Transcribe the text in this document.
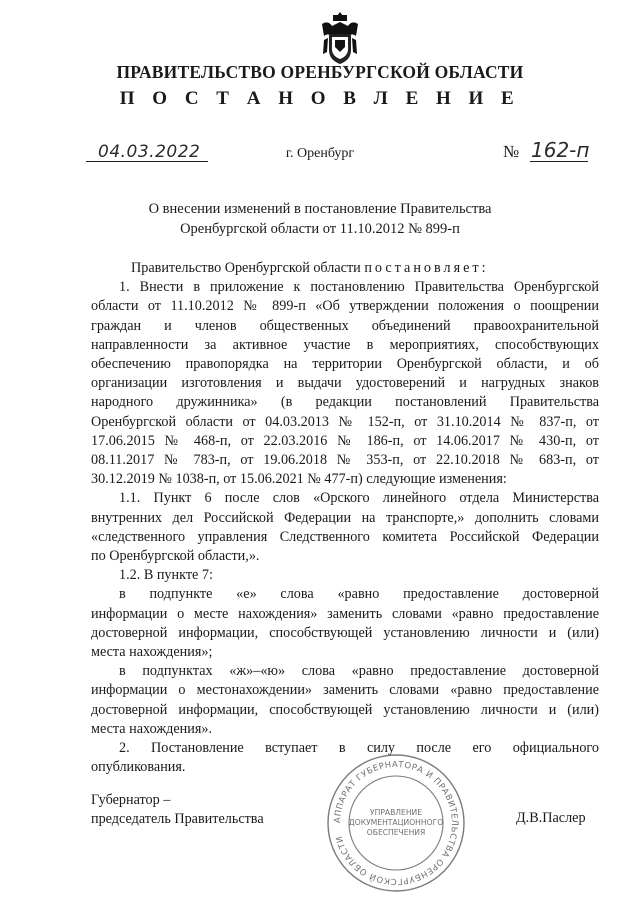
ПРАВИТЕЛЬСТВО ОРЕНБУРГСКОЙ ОБЛАСТИ
П О С Т А Н О В Л Е Н И Е
04.03.2022	г. Оренбург	№ 162-п
О внесении изменений в постановление Правительства
Оренбургской области от 11.10.2012 № 899-п
Правительство Оренбургской области постановляет:
1. Внести в приложение к постановлению Правительства Оренбургской
области от 11.10.2012 № 899-п «Об утверждении положения о поощрении
граждан и членов общественных объединений правоохранительной
направленности за активное участие в мероприятиях, способствующих
обеспечению правопорядка на территории Оренбургской области, и об
организации изготовления и выдачи удостоверений и нагрудных знаков
народного дружинника» (в редакции постановлений Правительства
Оренбургской области от 04.03.2013 № 152-п, от 31.10.2014 № 837-п, от
17.06.2015 № 468-п, от 22.03.2016 № 186-п, от 14.06.2017 № 430-п, от
08.11.2017 № 783-п, от 19.06.2018 № 353-п, от 22.10.2018 № 683-п, от
30.12.2019 № 1038-п, от 15.06.2021 № 477-п) следующие изменения:
1.1. Пункт 6 после слов «Орского линейного отдела Министерства
внутренних дел Российской Федерации на транспорте,» дополнить словами
«следственного управления Следственного комитета Российской Федерации
по Оренбургской области,».
1.2. В пункте 7:
в подпункте «е» слова «равно предоставление достоверной
информации о месте нахождения» заменить словами «равно предоставление
достоверной информации, способствующей установлению личности и (или)
места нахождения»;
в подпунктах «ж»–«ю» слова «равно предоставление достоверной
информации о местонахождении» заменить словами «равно предоставление
достоверной информации, способствующей установлению личности и (или)
места нахождения».
2. Постановление вступает в силу после его официального
опубликования.
Губернатор –
председатель Правительства	Д.В.Паслер
АППАРАТ ГУБЕРНАТОРА И ПРАВИТЕЛЬСТВА ОРЕНБУРГСКОЙ ОБЛАСТИ
УПРАВЛЕНИЕ
ДОКУМЕНТАЦИОННОГО
ОБЕСПЕЧЕНИЯ
